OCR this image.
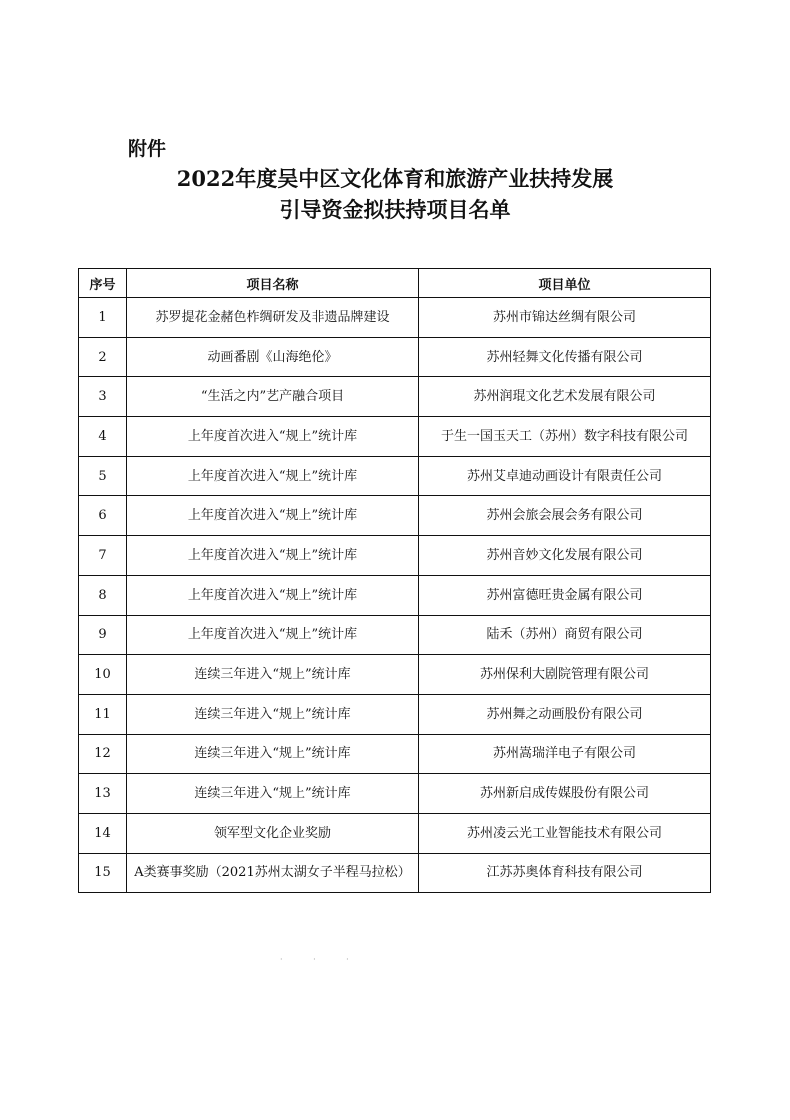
附件
2022年度吴中区文化体育和旅游产业扶持发展
引导资金拟扶持项目名单
序号	项目名称	项目单位
1	苏罗提花金赭色柞绸研发及非遗品牌建设	苏州市锦达丝绸有限公司
2	动画番剧《山海绝伦》	苏州轻舞文化传播有限公司
3	“生活之内”艺产融合项目	苏州润琨文化艺术发展有限公司
4	上年度首次进入“规上”统计库	于生一国玉天工（苏州）数字科技有限公司
5	上年度首次进入“规上”统计库	苏州艾卓迪动画设计有限责任公司
6	上年度首次进入“规上”统计库	苏州会旅会展会务有限公司
7	上年度首次进入“规上”统计库	苏州音妙文化发展有限公司
8	上年度首次进入“规上”统计库	苏州富德旺贵金属有限公司
9	上年度首次进入“规上”统计库	陆禾（苏州）商贸有限公司
10	连续三年进入“规上”统计库	苏州保利大剧院管理有限公司
11	连续三年进入“规上”统计库	苏州舞之动画股份有限公司
12	连续三年进入“规上”统计库	苏州嵩瑞洋电子有限公司
13	连续三年进入“规上”统计库	苏州新启成传媒股份有限公司
14	领军型文化企业奖励	苏州凌云光工业智能技术有限公司
15	A类赛事奖励（2021苏州太湖女子半程马拉松）	江苏苏奥体育科技有限公司
· · ·
